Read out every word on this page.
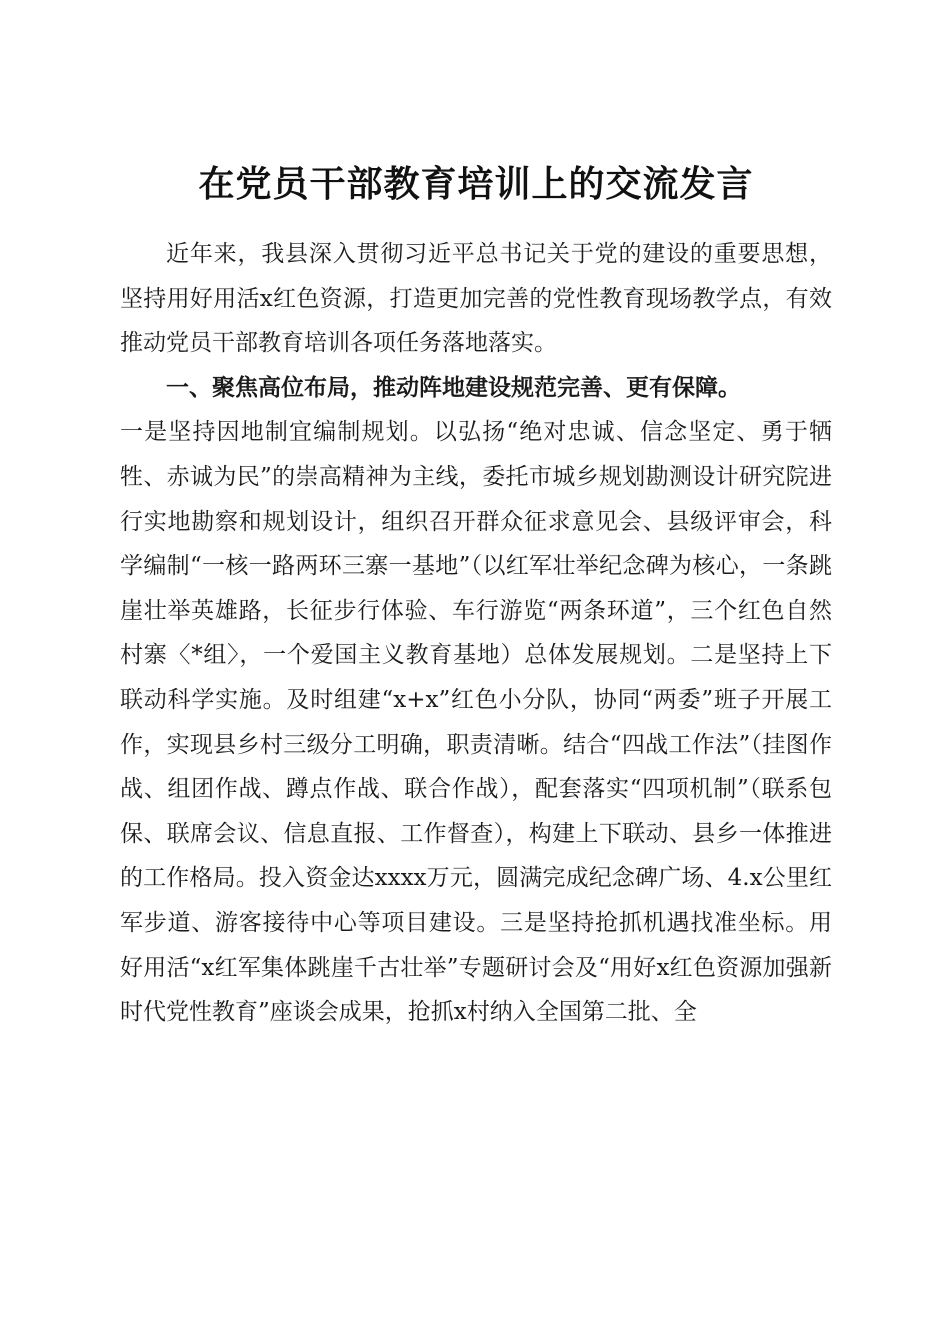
在党员干部教育培训上的交流发言

近年来，我县深入贯彻习近平总书记关于党的建设的重要思想，坚持用好用活x红色资源，打造更加完善的党性教育现场教学点，有效推动党员干部教育培训各项任务落地落实。

一、聚焦高位布局，推动阵地建设规范完善、更有保障。

一是坚持因地制宜编制规划。以弘扬“绝对忠诚、信念坚定、勇于牺牲、赤诚为民”的崇高精神为主线，委托市城乡规划勘测设计研究院进行实地勘察和规划设计，组织召开群众征求意见会、县级评审会，科学编制“一核一路两环三寨一基地”（以红军壮举纪念碑为核心，一条跳崖壮举英雄路，长征步行体验、车行游览“两条环道”，三个红色自然村寨〈*组〉，一个爱国主义教育基地）总体发展规划。二是坚持上下联动科学实施。及时组建“x+x”红色小分队，协同“两委”班子开展工作，实现县乡村三级分工明确，职责清晰。结合“四战工作法”（挂图作战、组团作战、蹲点作战、联合作战），配套落实“四项机制”（联系包保、联席会议、信息直报、工作督查），构建上下联动、县乡一体推进的工作格局。投入资金达xxxx万元，圆满完成纪念碑广场、4.x公里红军步道、游客接待中心等项目建设。三是坚持抢抓机遇找准坐标。用好用活“x红军集体跳崖千古壮举”专题研讨会及“用好x红色资源加强新时代党性教育”座谈会成果，抢抓x村纳入全国第二批、全
